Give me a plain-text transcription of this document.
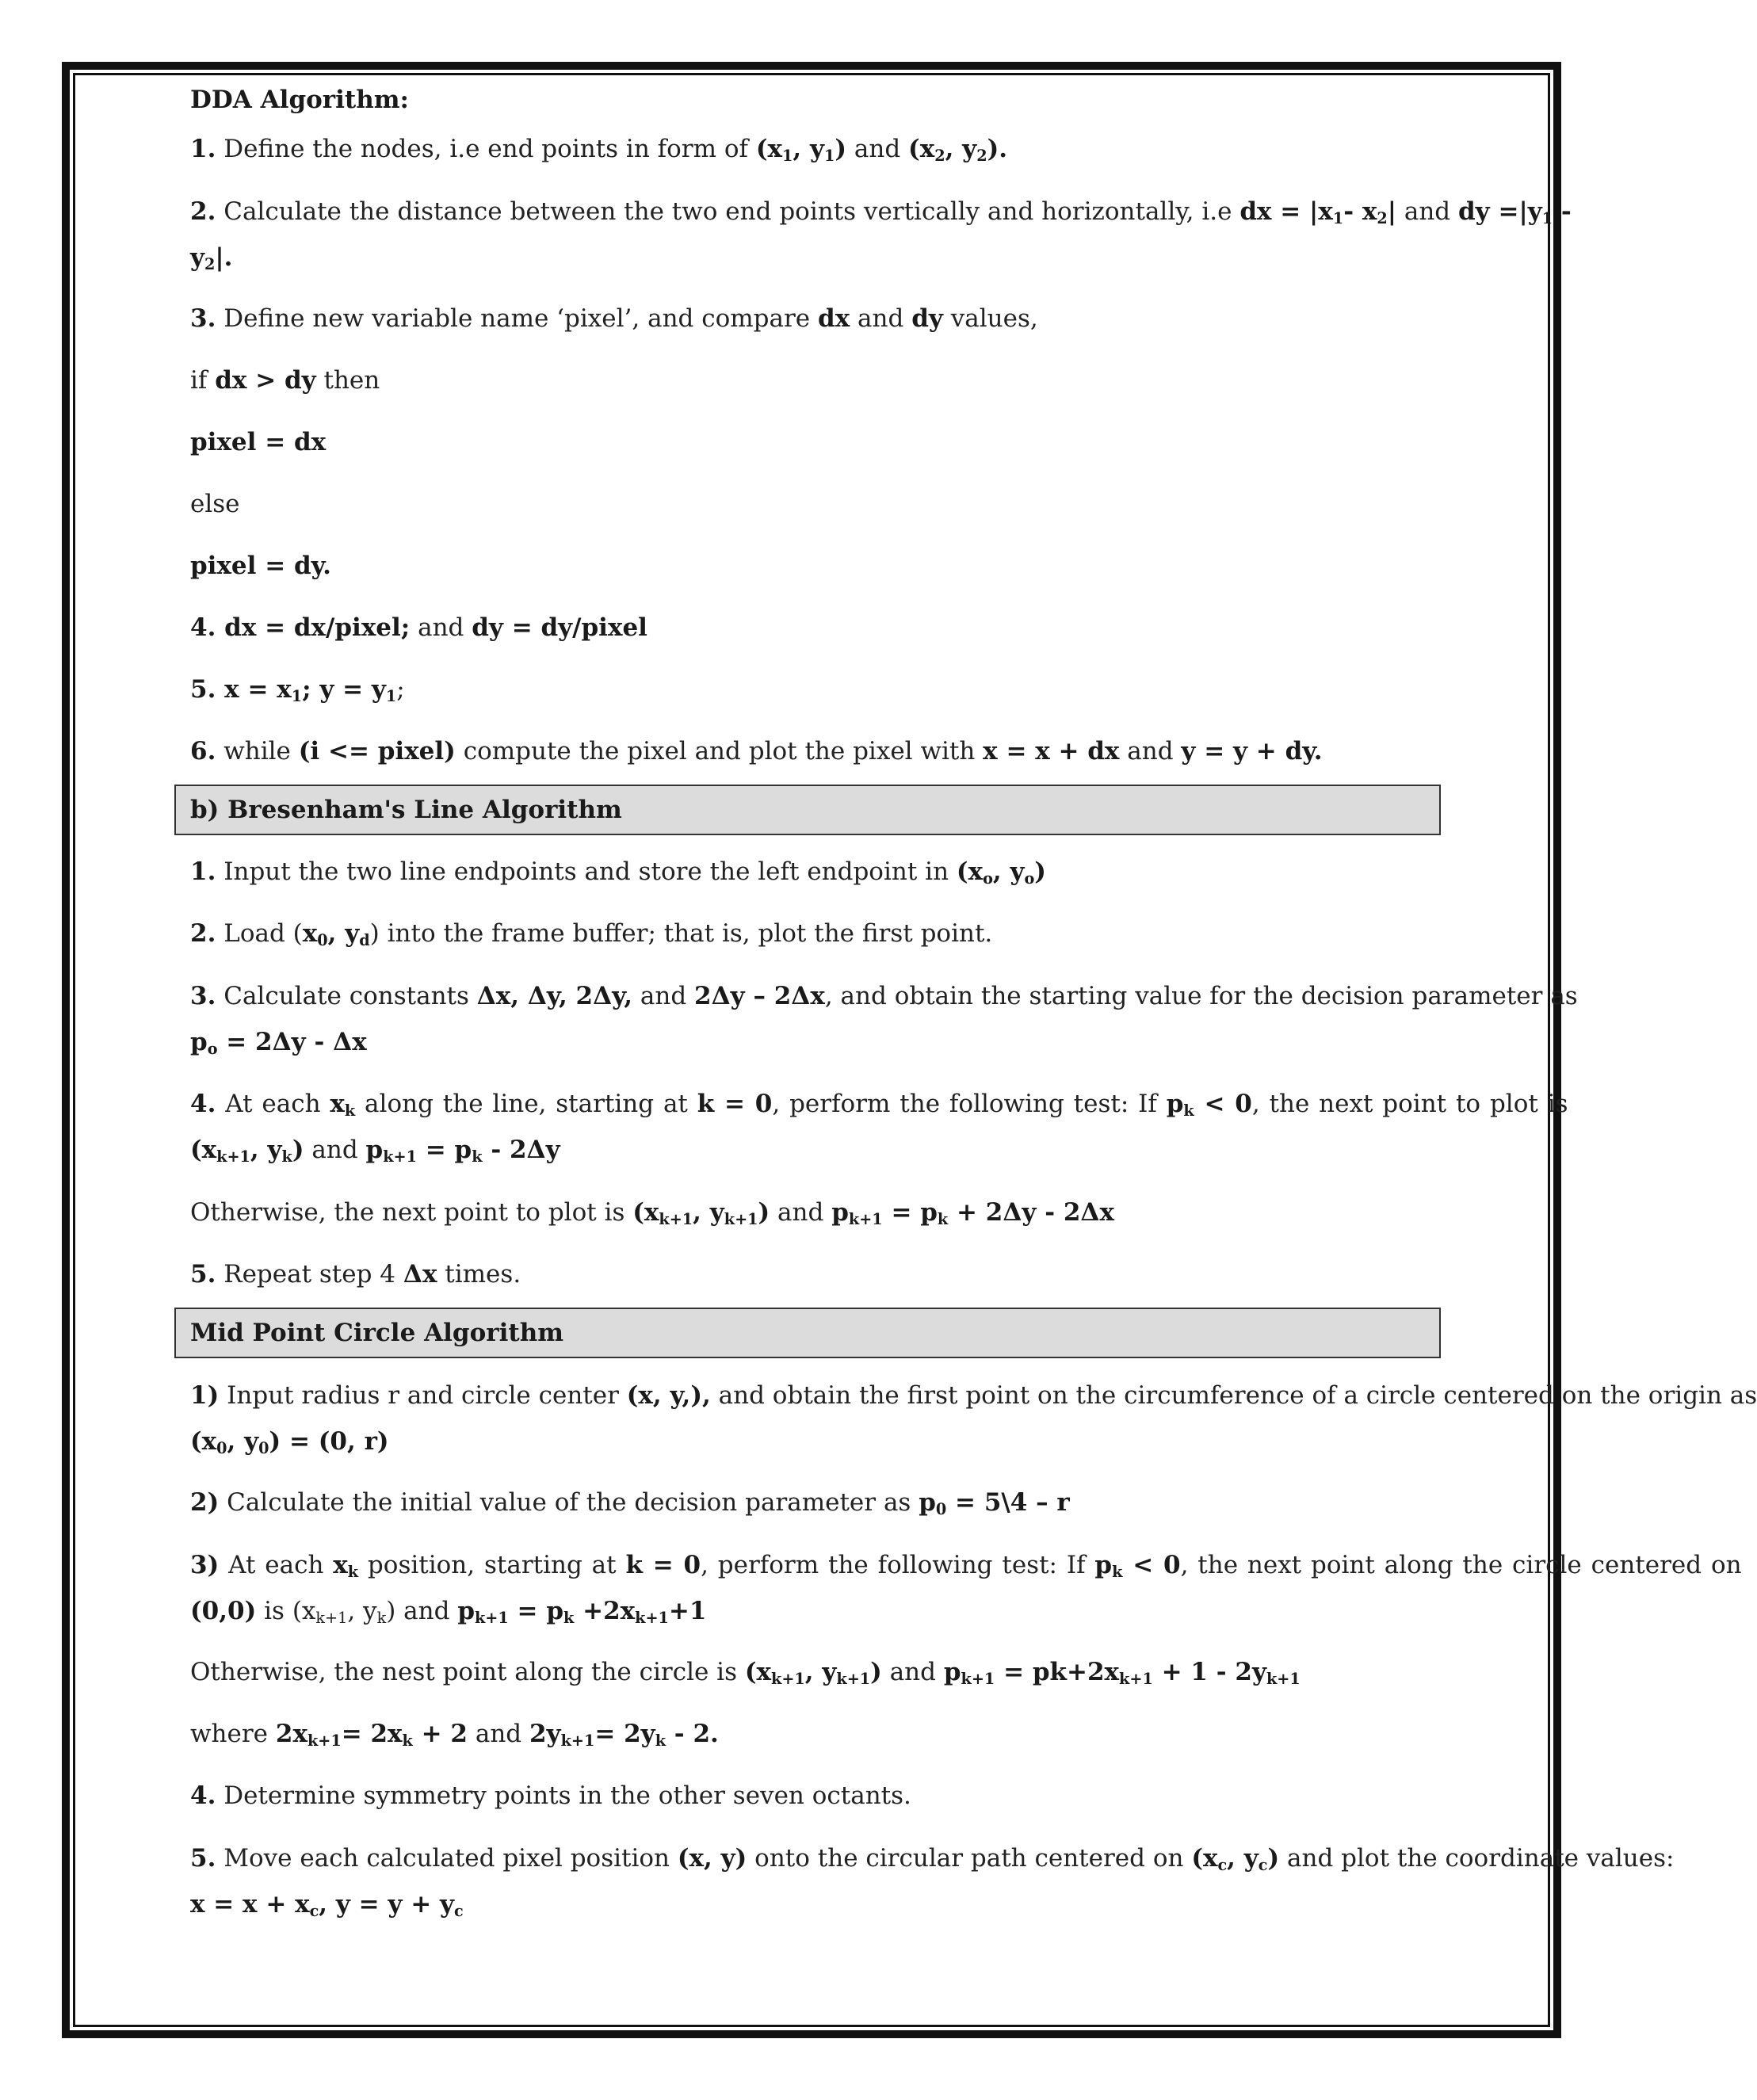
DDA Algorithm:

1. Define the nodes, i.e end points in form of ($x_1$, $y_1$) and ($x_2$, $y_2$).

2. Calculate the distance between the two end points vertically and horizontally, i.e dx = $|x_1-$ $x_2|$ and dy $=|y_1$ -
$y_2|$.

3. Define new variable name ‘pixel’, and compare dx and dy values,

if dx > dy then

pixel = dx

else

pixel = dy.

4. dx = dx/pixel; and dy = dy/pixel

5. $x = x_1$; $y = y_1$;

6. while (i <= pixel) compute the pixel and plot the pixel with x = x + dx and y = y + dy.

b) Bresenham's Line Algorithm

1. Input the two line endpoints and store the left endpoint in ($x_o$, $y_o$)

2. Load ($x_0$, $y_d$) into the frame buffer; that is, plot the first point.

3. Calculate constants Δx, Δy, 2Δy, and 2Δy – 2Δx, and obtain the starting value for the decision parameter as
$p_o = 2\Delta y - \Delta x$
4. At each $x_k$ along the line, starting at k = 0, perform the following test: If $p_k < 0$, the next point to plot is
($x_{k+1}$, $y_k$) and $p_{k+1} = p_k - 2\Delta y$

Otherwise, the next point to plot is ($x_{k+1}$, $y_{k+1}$) and $p_{k+1} = p_k + 2\Delta y - 2\Delta x$

5. Repeat step 4 Δx times.

Mid Point Circle Algorithm
1) Input radius r and circle center (x, y,), and obtain the first point on the circumference of a circle centered on the origin as
($x_0$, $y_0) = (0$, r)

2) Calculate the initial value of the decision parameter as $p_0$ = 5\4 – r

3) At each $x_k$ position, starting at k = 0, perform the following test: If $p_k < 0$, the next point along the circle centered on
(0,0) is ($x_{k+1}$, $y_k$) and $p_{k+1} = p_k +2x_{k+1}+1$

Otherwise, the nest point along the circle is ($x_{k+1}$, $y_{k+1}$) and $p_{k+1} = pk+2x_{k+1} + 1 - 2y_{k+1}$

where $2x_{k+1}= 2x_k + 2$ and $2y_{k+1}= 2y_k - 2$.

4. Determine symmetry points in the other seven octants.

5. Move each calculated pixel position (x, y) onto the circular path centered on ($x_c$, $y_c$) and plot the coordinate values:
$x = x + x_c$, $y = y + y_c$
